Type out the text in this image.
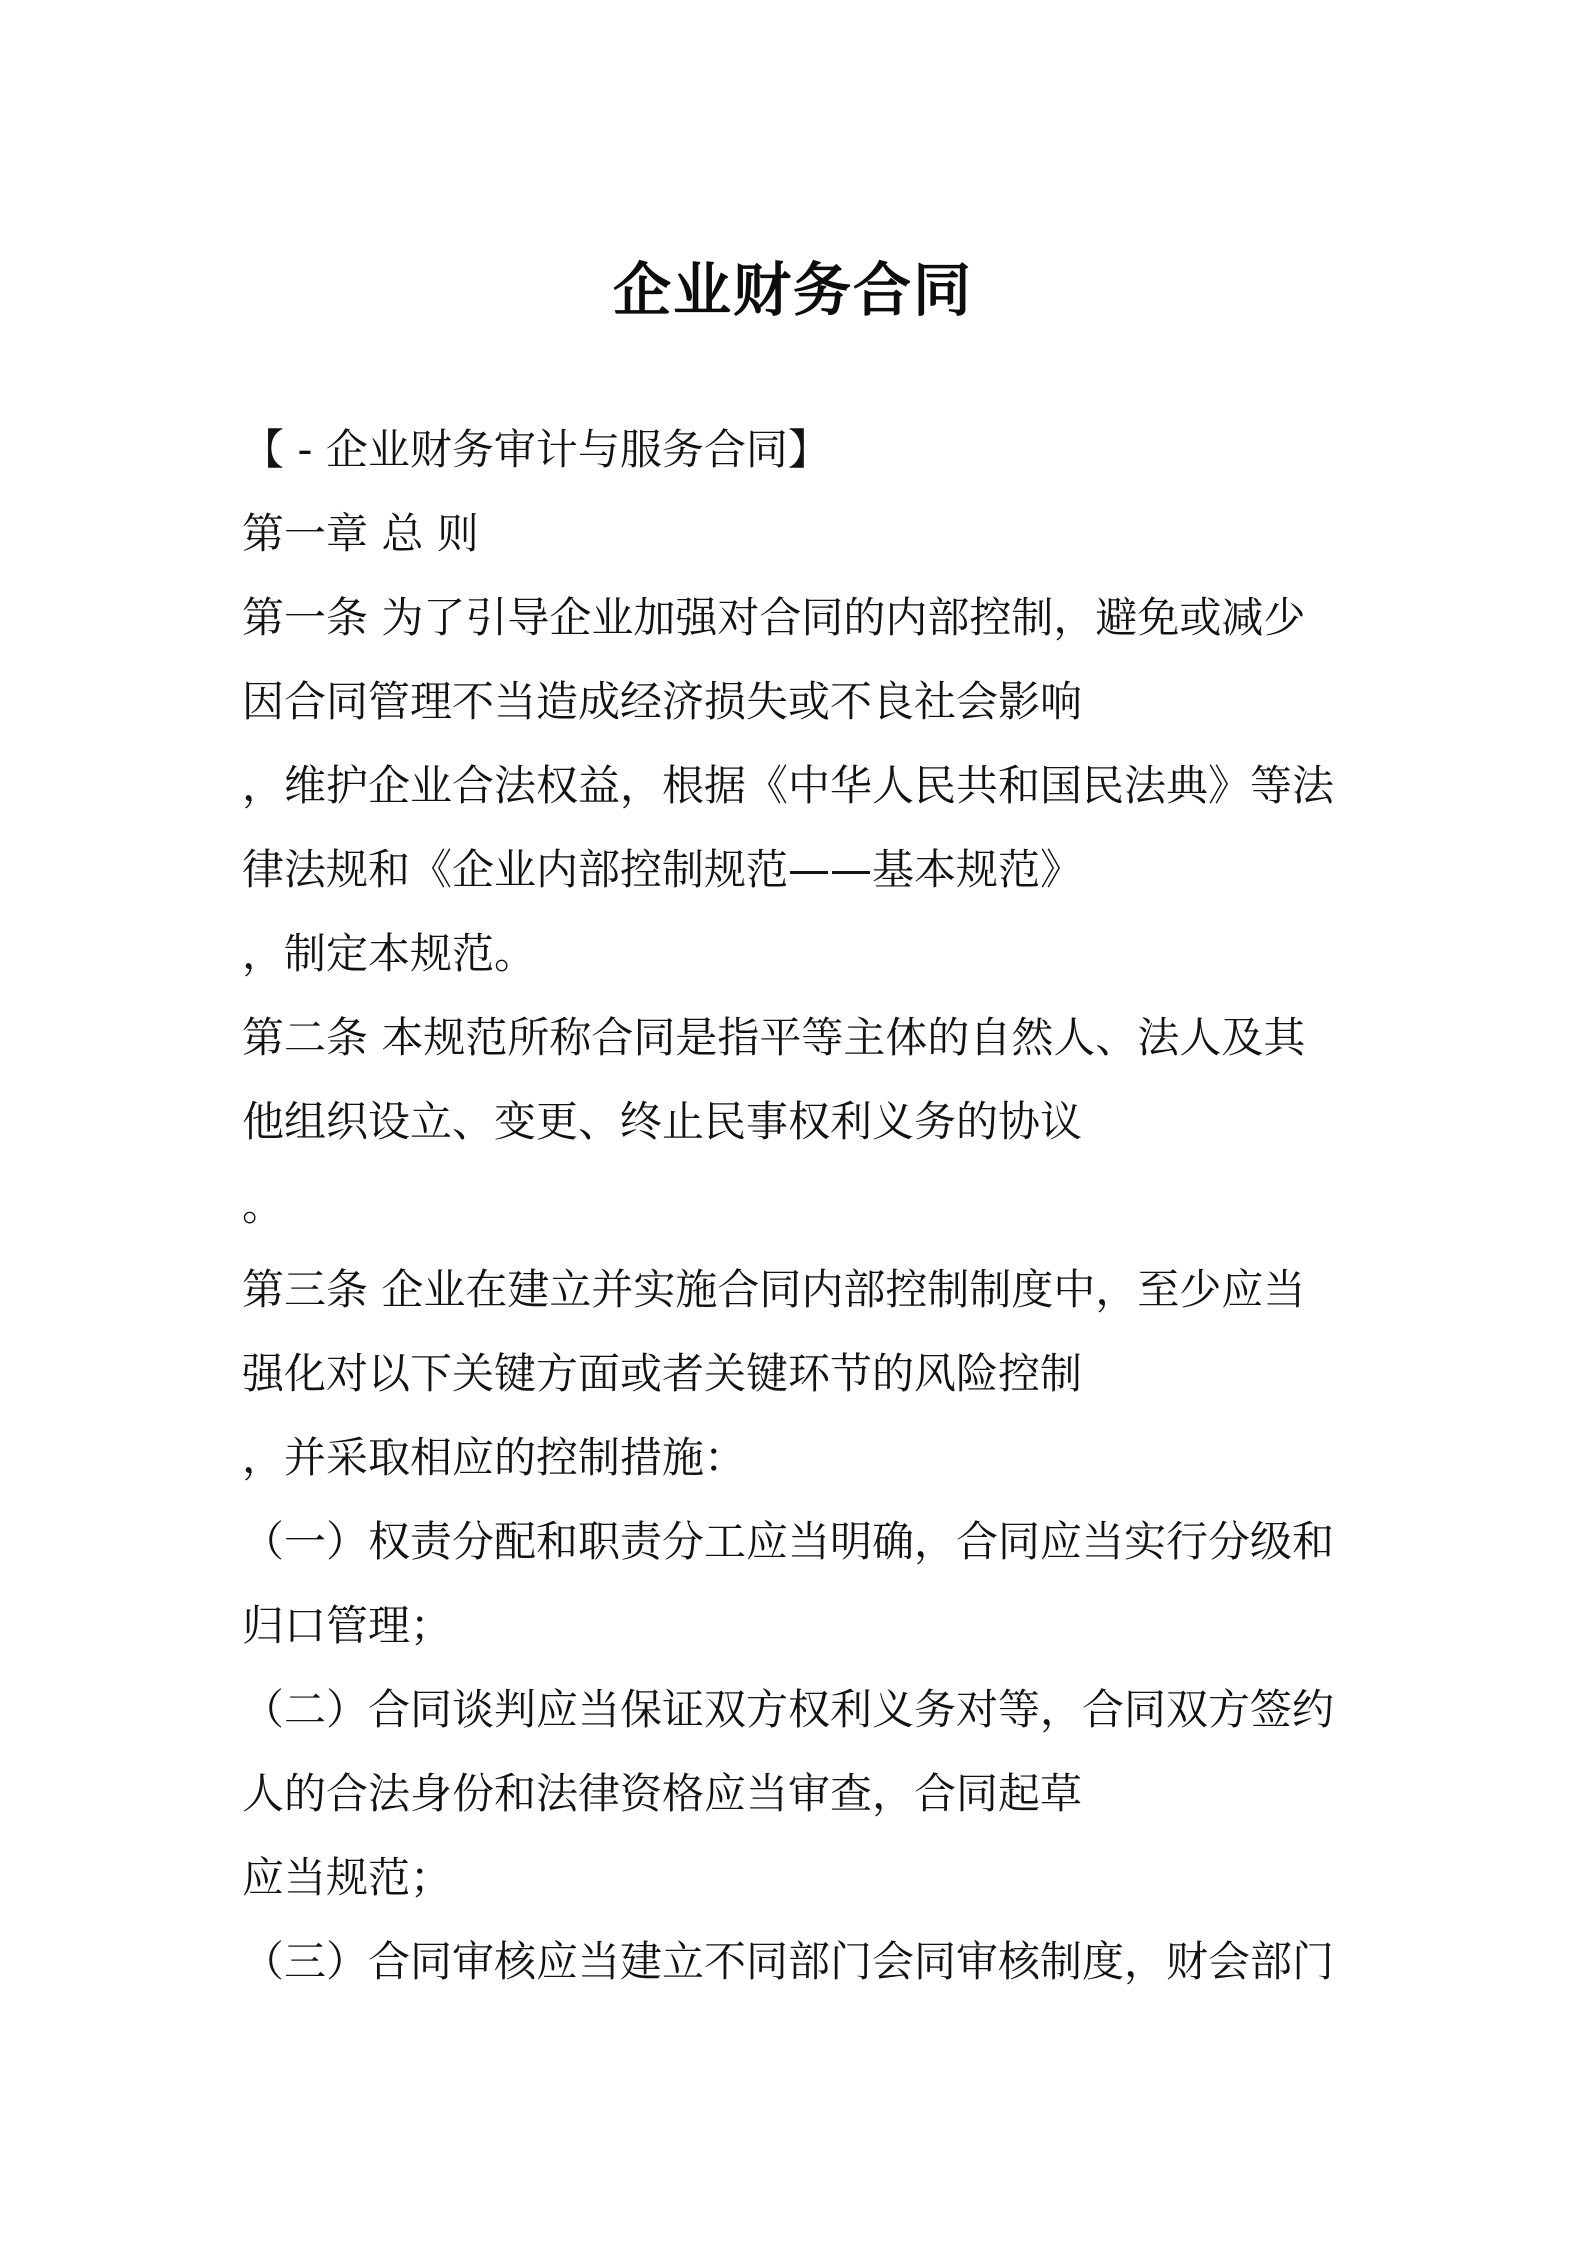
企业财务合同
【 - 企业财务审计与服务合同】
第一章 总 则
第一条 为了引导企业加强对合同的内部控制，避免或减少
因合同管理不当造成经济损失或不良社会影响
，维护企业合法权益，根据《中华人民共和国民法典》等法
律法规和《企业内部控制规范——基本规范》
，制定本规范。
第二条 本规范所称合同是指平等主体的自然人、法人及其
他组织设立、变更、终止民事权利义务的协议
。
第三条 企业在建立并实施合同内部控制制度中，至少应当
强化对以下关键方面或者关键环节的风险控制
，并采取相应的控制措施：
（一）权责分配和职责分工应当明确，合同应当实行分级和
归口管理；
（二）合同谈判应当保证双方权利义务对等，合同双方签约
人的合法身份和法律资格应当审查，合同起草
应当规范；
（三）合同审核应当建立不同部门会同审核制度，财会部门
